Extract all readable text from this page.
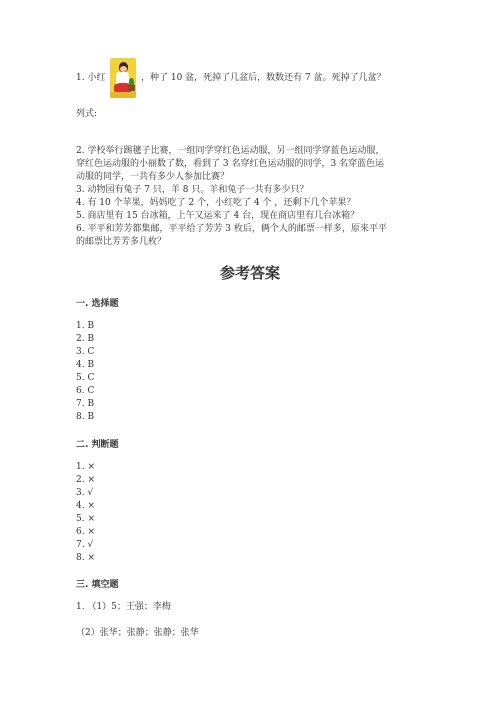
1. 小红	，种了 10 盆，死掉了几盆后，数数还有 7 盆。死掉了几盆？
列式:
2. 学校举行踢毽子比赛，一组同学穿红色运动服，另一组同学穿蓝色运动服，
穿红色运动服的小丽数了数，看到了 3 名穿红色运动服的同学，3 名穿蓝色运
动服的同学，一共有多少人参加比赛？
3. 动物园有兔子 7 只，羊 8 只。羊和兔子一共有多少只？
4. 有 10 个苹果，妈妈吃了 2 个，小红吃了 4 个 ，还剩下几个苹果？
5. 商店里有 15 台冰箱，上午又运来了 4 台，现在商店里有几台冰箱？
6. 平平和芳芳都集邮，平平给了芳芳 3 枚后，俩个人的邮票一样多，原来平平
的邮票比芳芳多几枚？
参考答案
一. 选择题
1. B
2. B
3. C
4. B
5. C
6. C
7. B
8. B
二. 判断题
1. ×
2. ×
3. √
4. ×
5. ×
6. ×
7. √
8. ×
三. 填空题
1. （1）5；王强；李梅
（2）张华；张静；张静；张华
